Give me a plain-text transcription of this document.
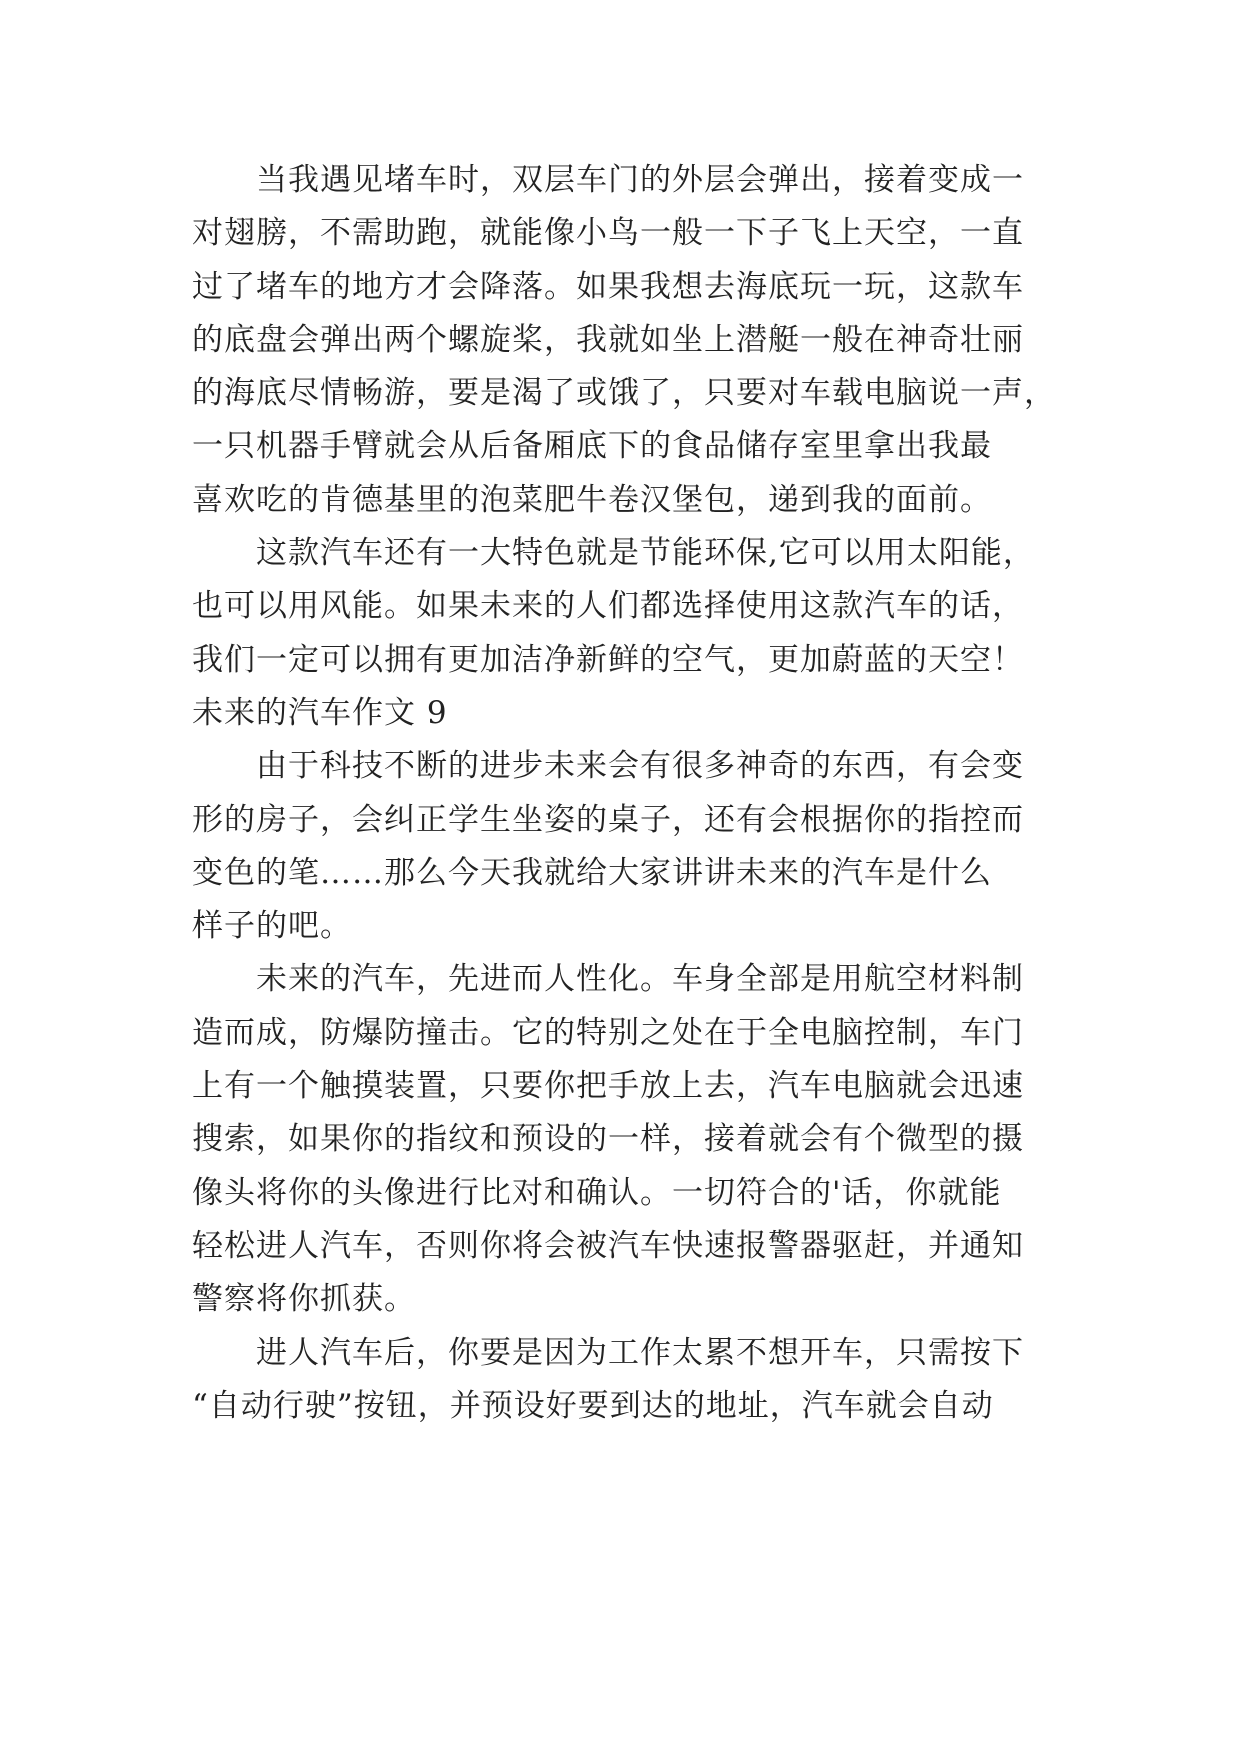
当我遇见堵车时，双层车门的外层会弹出，接着变成一
对翅膀，不需助跑，就能像小鸟一般一下子飞上天空，一直
过了堵车的地方才会降落。如果我想去海底玩一玩，这款车
的底盘会弹出两个螺旋桨，我就如坐上潜艇一般在神奇壮丽
的海底尽情畅游，要是渴了或饿了，只要对车载电脑说一声，
一只机器手臂就会从后备厢底下的食品储存室里拿出我最
喜欢吃的肯德基里的泡菜肥牛卷汉堡包，递到我的面前。
这款汽车还有一大特色就是节能环保,它可以用太阳能，
也可以用风能。如果未来的人们都选择使用这款汽车的话，
我们一定可以拥有更加洁净新鲜的空气，更加蔚蓝的天空！
未来的汽车作文 9
由于科技不断的进步未来会有很多神奇的东西，有会变
形的房子，会纠正学生坐姿的桌子，还有会根据你的指控而
变色的笔……那么今天我就给大家讲讲未来的汽车是什么
样子的吧。
未来的汽车，先进而人性化。车身全部是用航空材料制
造而成，防爆防撞击。它的特别之处在于全电脑控制，车门
上有一个触摸装置，只要你把手放上去，汽车电脑就会迅速
搜索，如果你的指纹和预设的一样，接着就会有个微型的摄
像头将你的头像进行比对和确认。一切符合的'话，你就能
轻松进人汽车，否则你将会被汽车快速报警器驱赶，并通知
警察将你抓获。
进人汽车后，你要是因为工作太累不想开车，只需按下
“自动行驶”按钮，并预设好要到达的地址，汽车就会自动
